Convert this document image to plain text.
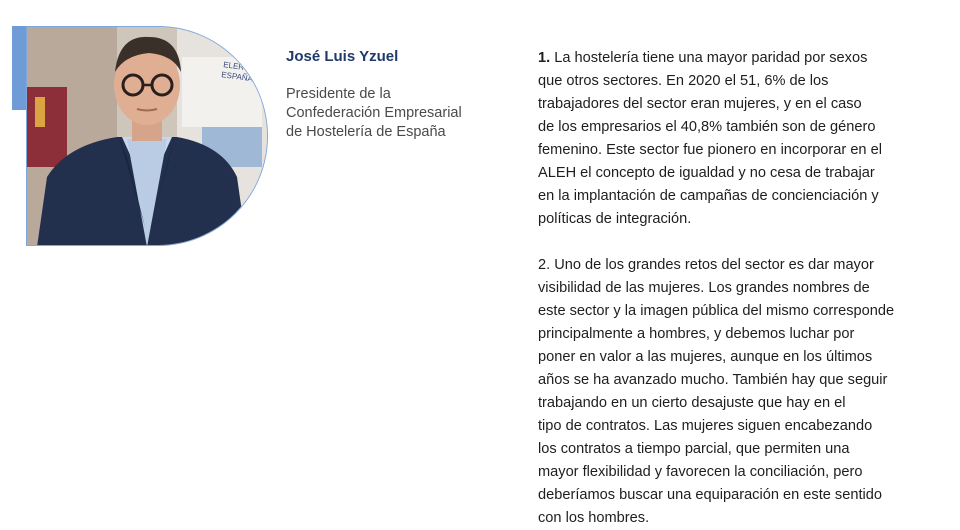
ELERÍA
ESPAÑA
José Luis Yzuel
Presidente de la
Confederación Empresarial
de Hostelería de España
1. La hostelería tiene una mayor paridad por sexos
que otros sectores. En 2020 el 51, 6% de los
trabajadores del sector eran mujeres, y en el caso
de los empresarios el 40,8% también son de género
femenino. Este sector fue pionero en incorporar en el
ALEH el concepto de igualdad y no cesa de trabajar
en la implantación de campañas de concienciación y
políticas de integración.
2. Uno de los grandes retos del sector es dar mayor
visibilidad de las mujeres. Los grandes nombres de
este sector y la imagen pública del mismo corresponde
principalmente a hombres, y debemos luchar por
poner en valor a las mujeres, aunque en los últimos
años se ha avanzado mucho. También hay que seguir
trabajando en un cierto desajuste que hay en el
tipo de contratos. Las mujeres siguen encabezando
los contratos a tiempo parcial, que permiten una
mayor flexibilidad y favorecen la conciliación, pero
deberíamos buscar una equiparación en este sentido
con los hombres.
